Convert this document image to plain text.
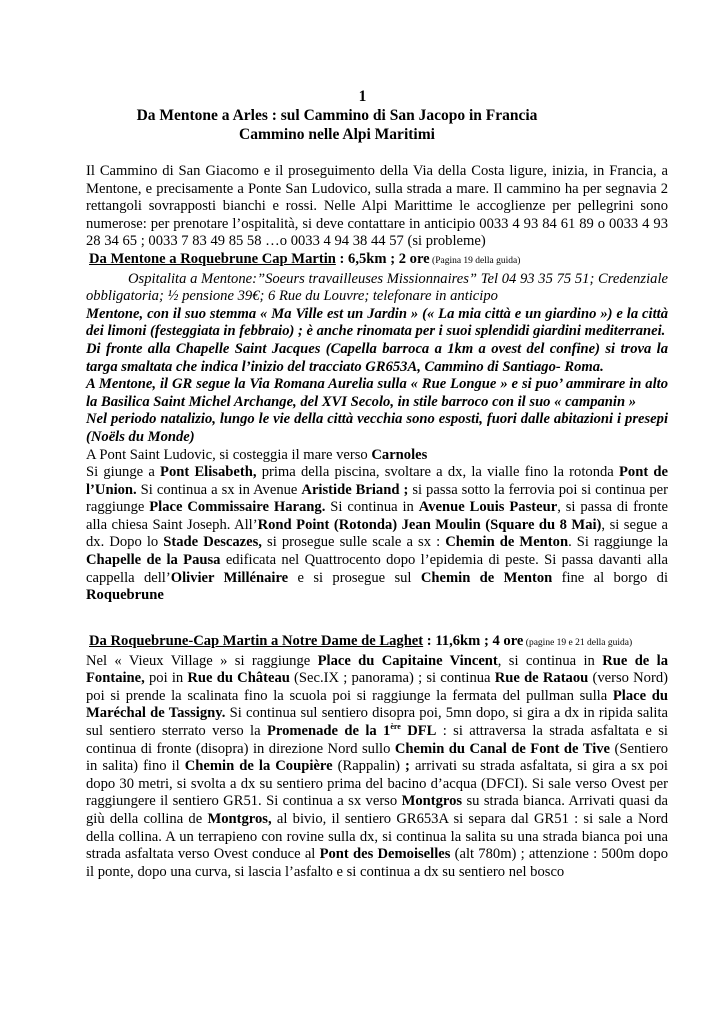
1
Da Mentone a Arles : sul Cammino di San Jacopo in Francia
Cammino nelle Alpi Maritimi

Il Cammino di San Giacomo e il proseguimento della Via della Costa ligure, inizia, in Francia, a Mentone, e precisamente a Ponte San Ludovico, sulla strada a mare. Il cammino ha per segnavia 2 rettangoli sovrapposti bianchi e rossi. Nelle Alpi Marittime le accoglienze per pellegrini sono numerose: per prenotare l’ospitalità, si deve contattare in anticipio 0033 4 93 84 61 89 o 0033 4 93 28 34 65 ; 0033 7 83 49 85 58 …o 0033 4 94 38 44 57 (si probleme)

Da Mentone a Roquebrune Cap Martin : 6,5km ; 2 ore (Pagina 19 della guida)

Ospitalita a Mentone:”Soeurs travailleuses Missionnaires” Tel 04 93 35 75 51; Credenziale obbligatoria; ½ pensione 39€; 6 Rue du Louvre; telefonare in anticipo

Mentone, con il suo stemma « Ma Ville est un Jardin » (« La mia città e un giardino ») e la città dei limoni (festeggiata in febbraio) ; è anche rinomata per i suoi splendidi giardini mediterranei.

Di fronte alla Chapelle Saint Jacques (Capella barroca a 1km a ovest del confine) si trova la targa smaltata che indica l’inizio del tracciato GR653A, Cammino di Santiago- Roma.

A Mentone, il GR segue la Via Romana Aurelia sulla « Rue Longue » e si puo’ ammirare in alto la Basilica Saint Michel Archange, del XVI Secolo, in stile barroco con il suo « campanin »

Nel periodo natalizio, lungo le vie della città vecchia sono esposti, fuori dalle abitazioni i presepi (Noëls du Monde)

A Pont Saint Ludovic, si costeggia il mare verso Carnoles

Si giunge a Pont Elisabeth, prima della piscina, svoltare a dx, la vialle fino la rotonda Pont de l’Union. Si continua a sx in Avenue Aristide Briand ; si passa sotto la ferrovia poi si continua per raggiunge Place Commissaire Harang. Si continua in Avenue Louis Pasteur, si passa di fronte alla chiesa Saint Joseph. All’Rond Point (Rotonda) Jean Moulin (Square du 8 Mai), si segue a dx. Dopo lo Stade Descazes, si prosegue sulle scale a sx : Chemin de Menton. Si raggiunge la Chapelle de la Pausa edificata nel Quattrocento dopo l’epidemia di peste. Si passa davanti alla cappella dell’Olivier Millénaire e si prosegue sul Chemin de Menton fine al borgo di Roquebrune

Da Roquebrune-Cap Martin a Notre Dame de Laghet : 11,6km ; 4 ore (pagine 19 e 21 della guida)

Nel « Vieux Village » si raggiunge Place du Capitaine Vincent, si continua in Rue de la Fontaine, poi in Rue du Château (Sec.IX ; panorama) ; si continua Rue de Rataou (verso Nord) poi si prende la scalinata fino la scuola poi si raggiunge la fermata del pullman sulla Place du Maréchal de Tassigny. Si continua sul sentiero disopra poi, 5mn dopo, si gira a dx in ripida salita sul sentiero sterrato verso la Promenade de la 1ère DFL : si attraversa la strada asfaltata e si continua di fronte (disopra) in direzione Nord sullo Chemin du Canal de Font de Tive (Sentiero in salita) fino il Chemin de la Coupière (Rappalin) ; arrivati su strada asfaltata, si gira a sx poi dopo 30 metri, si svolta a dx su sentiero prima del bacino d’acqua (DFCI). Si sale verso Ovest per raggiungere il sentiero GR51. Si continua a sx verso Montgros su strada bianca. Arrivati quasi da giù della collina de Montgros, al bivio, il sentiero GR653A si separa dal GR51 : si sale a Nord della collina. A un terrapieno con rovine sulla dx, si continua la salita su una strada bianca poi una strada asfaltata verso Ovest conduce al Pont des Demoiselles (alt 780m) ; attenzione : 500m dopo il ponte, dopo una curva, si lascia l’asfalto e si continua a dx su sentiero nel bosco
